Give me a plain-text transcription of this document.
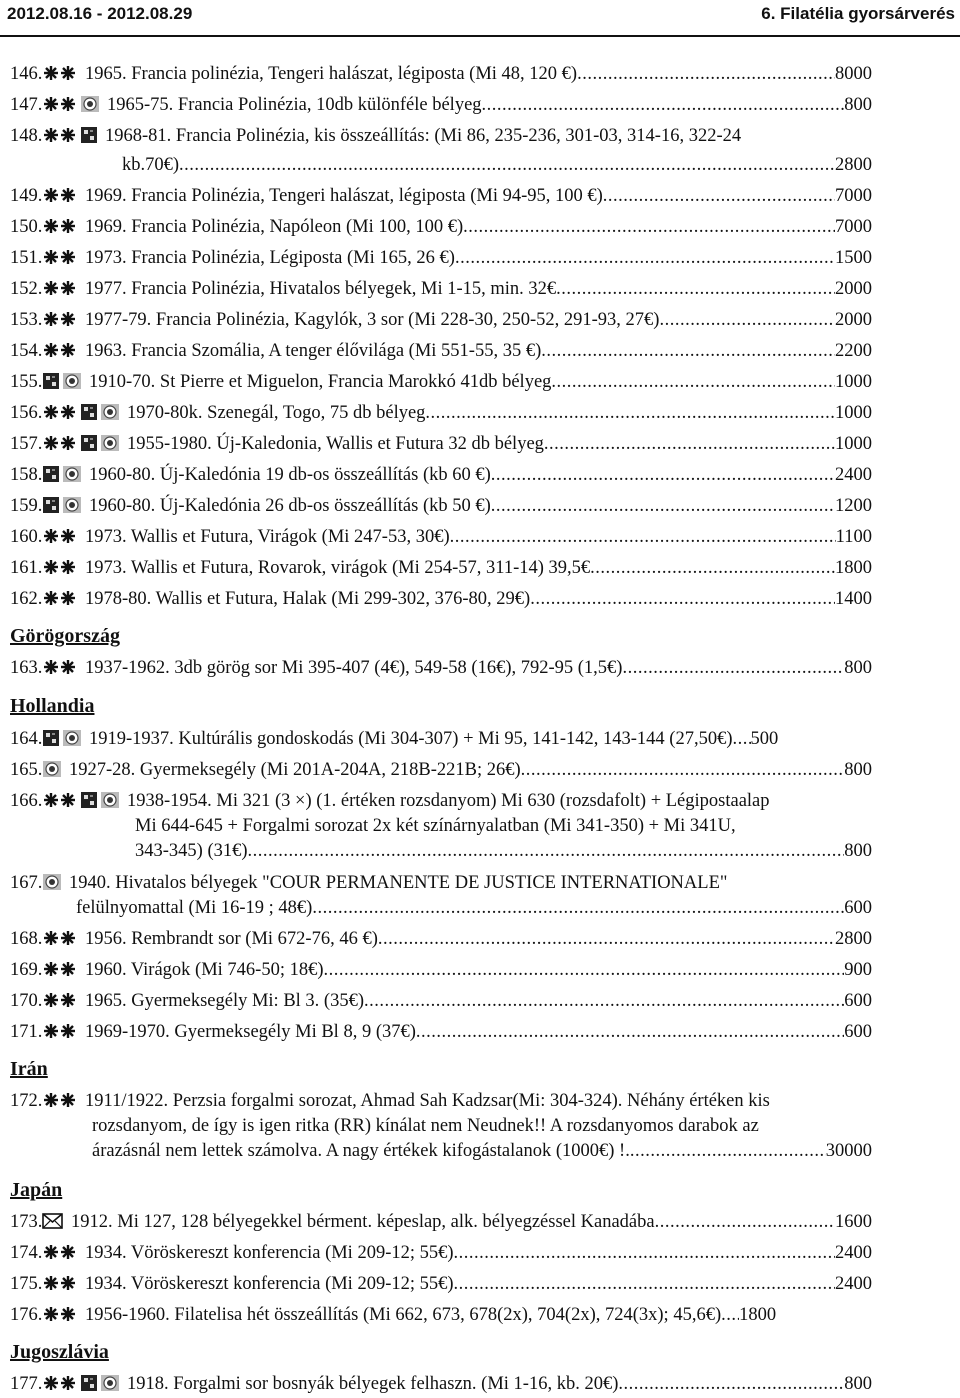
2012.08.16 - 2012.08.29	6. Filatélia gyorsárverés
146. 1965. Francia polinézia, Tengeri halászat, légiposta (Mi 48, 120 €) .....	8000
147.	1965-75. Francia Polinézia, 10db különféle bélyeg .....	800
148.	1968-81. Francia Polinézia, kis összeállítás: (Mi 86, 235-236, 301-03, 314-16, 322-24
kb.70€) .....	2800
149. 1969. Francia Polinézia, Tengeri halászat, légiposta (Mi 94-95, 100 €) .....	7000
150. 1969. Francia Polinézia, Napóleon (Mi 100, 100 €) .....	7000
151. 1973. Francia Polinézia, Légiposta (Mi 165, 26 €) .....	1500
152. 1977. Francia Polinézia, Hivatalos bélyegek, Mi 1-15, min. 32€ .....	2000
153. 1977-79. Francia Polinézia, Kagylók, 3 sor (Mi 228-30, 250-52, 291-93, 27€) .....	2000
154. 1963. Francia Szomália, A tenger élővilága (Mi 551-55, 35 €) .....	2200
155.	1910-70. St Pierre et Miguelon, Francia Marokkó 41db bélyeg .....	1000
156.	1970-80k. Szenegál, Togo, 75 db bélyeg .....	1000
157.	1955-1980. Új-Kaledonia, Wallis et Futura 32 db bélyeg .....	1000
158.	1960-80. Új-Kaledónia 19 db-os összeállítás (kb 60 €) .....	2400
159.	1960-80. Új-Kaledónia 26 db-os összeállítás (kb 50 €) .....	1200
160. 1973. Wallis et Futura, Virágok (Mi 247-53, 30€) .....	1100
161. 1973. Wallis et Futura, Rovarok, virágok (Mi 254-57, 311-14) 39,5€ .....	1800
162. 1978-80. Wallis et Futura, Halak (Mi 299-302, 376-80, 29€) .....	1400
163. 1937-1962. 3db görög sor Mi 395-407 (4€), 549-58 (16€), 792-95 (1,5€) .....	800
164.	1919-1937. Kultúrális gondoskodás (Mi 304-307) + Mi 95, 141-142, 143-144 (27,50€) ..... 500
165. 1927-28. Gyermeksegély (Mi 201A-204A, 218B-221B; 26€) .....	800
166.	1938-1954. Mi 321 (3 ×) (1. értéken rozsdanyom) Mi 630 (rozsdafolt) + Légipostaalap
Mi 644-645 + Forgalmi sorozat 2x két színárnyalatban (Mi 341-350) + Mi 341U,
343-345) (31€) .....	800
167. 1940. Hivatalos bélyegek "COUR PERMANENTE DE JUSTICE INTERNATIONALE"
felülnyomattal (Mi 16-19 ; 48€) .....	600
168. 1956. Rembrandt sor (Mi 672-76, 46 €) .....	2800
169. 1960. Virágok (Mi 746-50; 18€) .....	900
170. 1965. Gyermeksegély Mi: Bl 3. (35€) .....	600
171. 1969-1970. Gyermeksegély Mi Bl 8, 9 (37€) .....	600
172. 1911/1922. Perzsia forgalmi sorozat, Ahmad Sah Kadzsar(Mi: 304-324). Néhány értéken kis
rozsdanyom, de így is igen ritka (RR) kínálat nem Neudnek!! A rozsdanyomos darabok az
árazásnál nem lettek számolva. A nagy értékek kifogástalanok (1000€) !. .....	30000
173. 1912. Mi 127, 128 bélyegekkel bérment. képeslap, alk. bélyegzéssel Kanadába .....	1600
174. 1934. Vöröskereszt konferencia (Mi 209-12; 55€) .....	2400
175. 1934. Vöröskereszt konferencia (Mi 209-12; 55€) .....	2400
176. 1956-1960. Filatelisa hét összeállítás (Mi 662, 673, 678(2x), 704(2x), 724(3x); 45,6€) ..... 1800
177.	1918. Forgalmi sor bosnyák bélyegek felhaszn. (Mi 1-16, kb. 20€) .....	800
Görögország
Hollandia
Irán
Japán
Jugoszlávia
